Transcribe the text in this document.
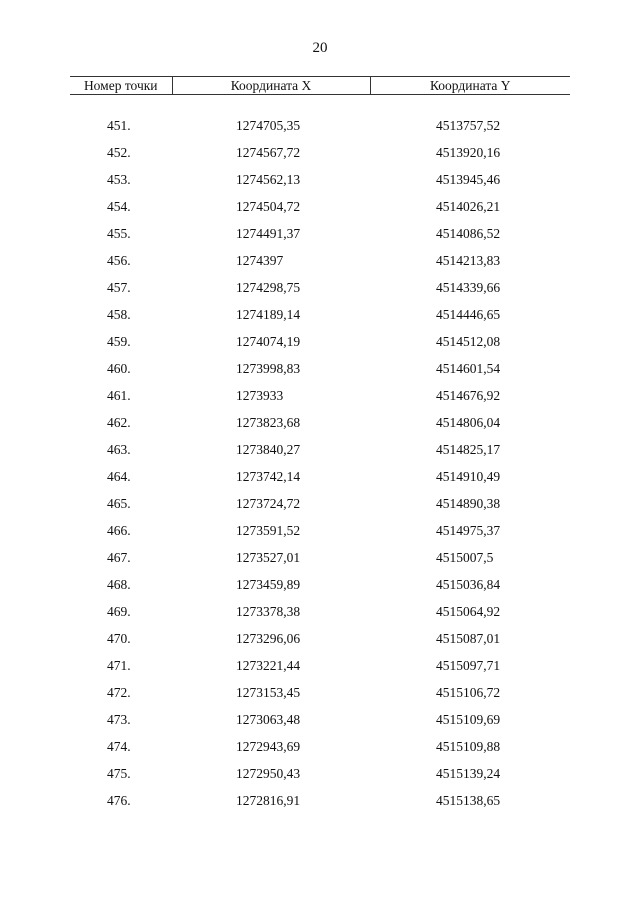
20
Номер точки	Координата X	Координата Y

451.	1274705,35	4513757,52
452.	1274567,72	4513920,16
453.	1274562,13	4513945,46
454.	1274504,72	4514026,21
455.	1274491,37	4514086,52
456.	1274397	4514213,83
457.	1274298,75	4514339,66
458.	1274189,14	4514446,65
459.	1274074,19	4514512,08
460.	1273998,83	4514601,54
461.	1273933	4514676,92
462.	1273823,68	4514806,04
463.	1273840,27	4514825,17
464.	1273742,14	4514910,49
465.	1273724,72	4514890,38
466.	1273591,52	4514975,37
467.	1273527,01	4515007,5
468.	1273459,89	4515036,84
469.	1273378,38	4515064,92
470.	1273296,06	4515087,01
471.	1273221,44	4515097,71
472.	1273153,45	4515106,72
473.	1273063,48	4515109,69
474.	1272943,69	4515109,88
475.	1272950,43	4515139,24
476.	1272816,91	4515138,65
